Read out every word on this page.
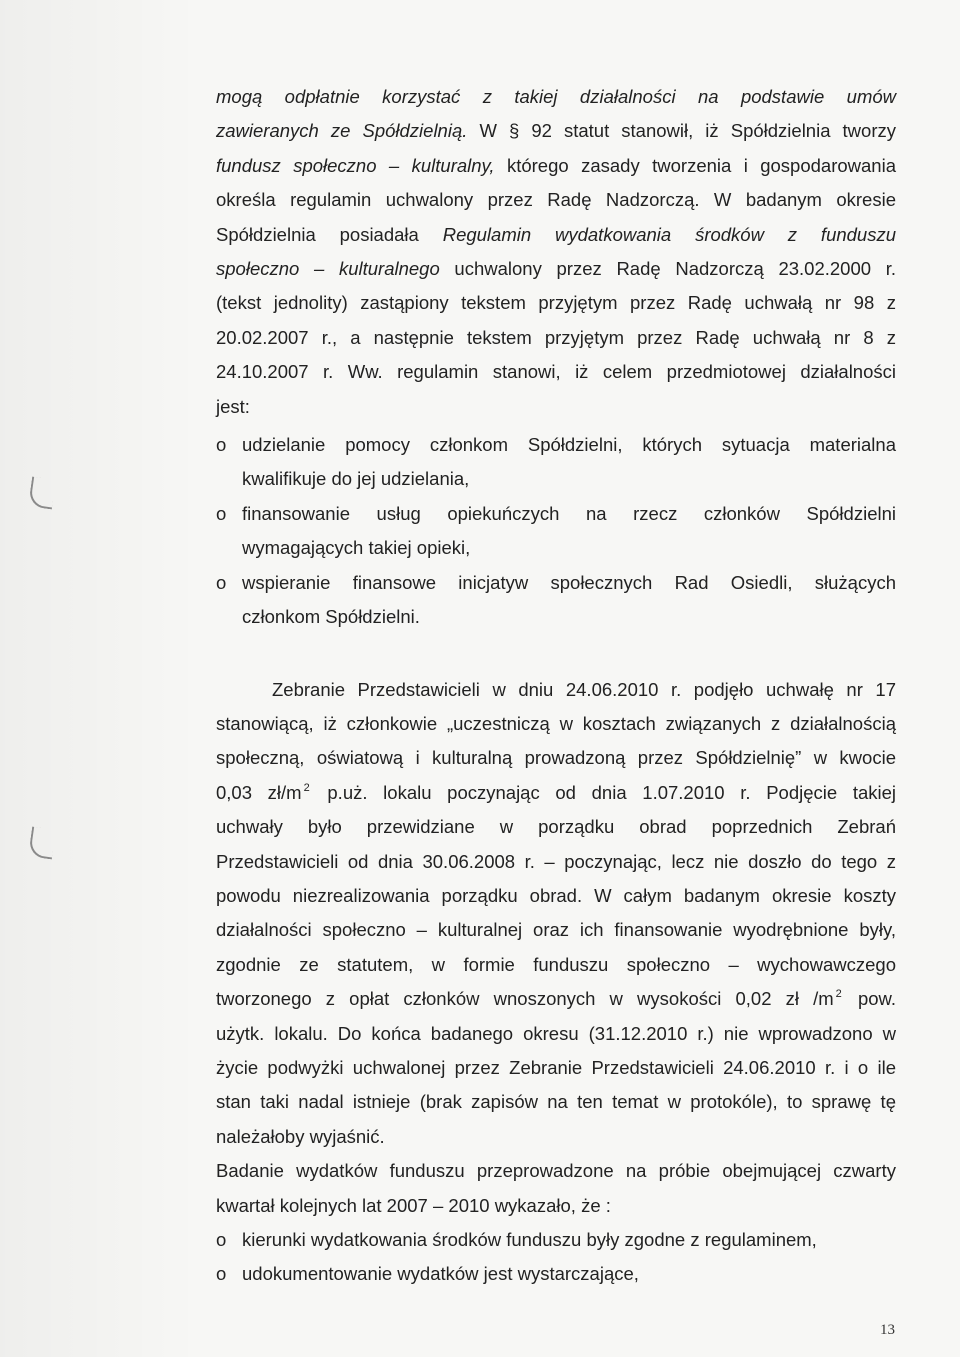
mogą odpłatnie korzystać z takiej działalności na podstawie umów
zawieranych ze Spółdzielnią. W § 92 statut stanowił, iż Spółdzielnia tworzy
fundusz społeczno – kulturalny, którego zasady tworzenia i gospodarowania
określa regulamin uchwalony przez Radę Nadzorczą. W badanym okresie
Spółdzielnia posiadała Regulamin wydatkowania środków z funduszu
społeczno – kulturalnego uchwalony przez Radę Nadzorczą 23.02.2000 r.
(tekst jednolity) zastąpiony tekstem przyjętym przez Radę uchwałą nr 98 z
20.02.2007 r., a następnie tekstem przyjętym przez Radę uchwałą nr 8 z
24.10.2007 r. Ww. regulamin stanowi, iż celem przedmiotowej działalności
jest:

o udzielanie pomocy członkom Spółdzielni, których sytuacja materialna
kwalifikuje do jej udzielania,
o finansowanie usług opiekuńczych na rzecz członków Spółdzielni
wymagających takiej opieki,
o wspieranie finansowe inicjatyw społecznych Rad Osiedli, służących
członkom Spółdzielni.

Zebranie Przedstawicieli w dniu 24.06.2010 r. podjęło uchwałę nr 17
stanowiącą, iż członkowie „uczestniczą w kosztach związanych z działalnością
społeczną, oświatową i kulturalną prowadzoną przez Spółdzielnię” w kwocie
0,03 zł/m $^2$ p.uż. lokalu poczynając od dnia 1.07.2010 r. Podjęcie takiej
uchwały było przewidziane w porządku obrad poprzednich Zebrań
Przedstawicieli od dnia 30.06.2008 r. – poczynając, lecz nie doszło do tego z
powodu niezrealizowania porządku obrad. W całym badanym okresie koszty
działalności społeczno – kulturalnej oraz ich finansowanie wyodrębnione były,
zgodnie ze statutem, w formie funduszu społeczno – wychowawczego
tworzonego z opłat członków wnoszonych w wysokości 0,02 zł /m $^2$ pow.
użytk. lokalu. Do końca badanego okresu (31.12.2010 r.) nie wprowadzono w
życie podwyżki uchwalonej przez Zebranie Przedstawicieli 24.06.2010 r. i o ile
stan taki nadal istnieje (brak zapisów na ten temat w protokóle), to sprawę tę
należałoby wyjaśnić.

Badanie wydatków funduszu przeprowadzone na próbie obejmującej czwarty
kwartał kolejnych lat 2007 – 2010 wykazało, że :

o kierunki wydatkowania środków funduszu były zgodne z regulaminem,
o udokumentowanie wydatków jest wystarczające,
13
